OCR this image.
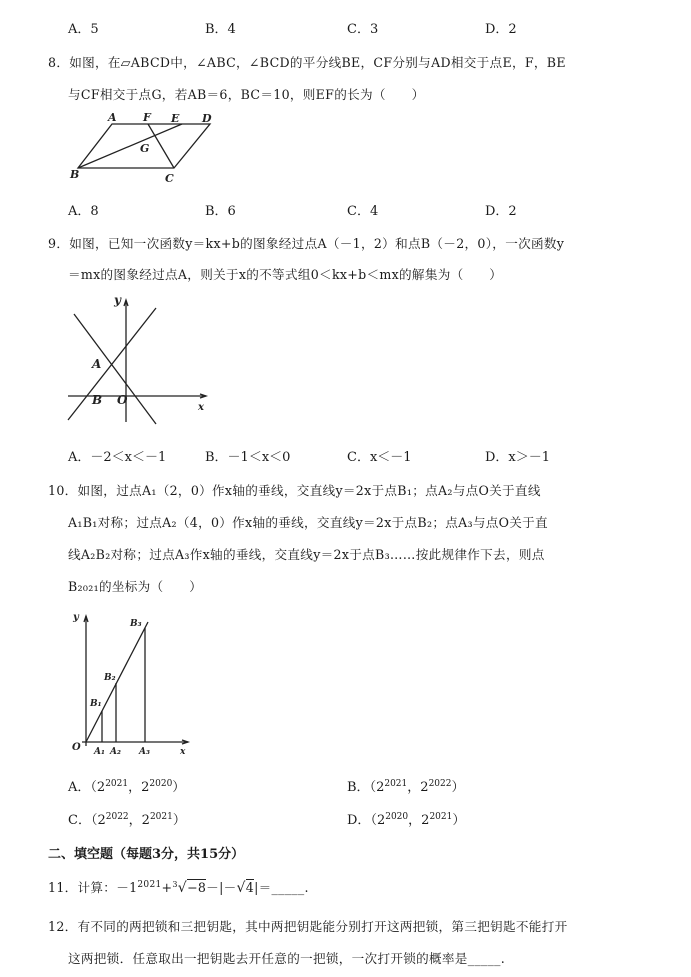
A．5	B．4	C．3	D．2
8．如图，在▱ABCD中，∠ABC，∠BCD的平分线BE，CF分别与AD相交于点E，F，BE
与CF相交于点G，若AB＝6，BC＝10，则EF的长为（　　）
A F E D
G
B	C
A．8	B．6	C．4	D．2
9．如图，已知一次函数y＝kx+b的图象经过点A（－1，2）和点B（－2，0），一次函数y
＝mx的图象经过点A，则关于x的不等式组0＜kx+b＜mx的解集为（　　）
y
x
A
B O
A．－2＜x＜－1	B．－1＜x＜0	C．x＜－1	D．x＞－1
10．如图，过点A₁（2，0）作x轴的垂线，交直线y＝2x于点B₁；点A₂与点O关于直线
A₁B₁对称；过点A₂（4，0）作x轴的垂线，交直线y＝2x于点B₂；点A₃与点O关于直
线A₂B₂对称；过点A₃作x轴的垂线，交直线y＝2x于点B₃……按此规律作下去，则点
B₂₀₂₁的坐标为（　　）
y
x
O A₁ A₂ A₃
B₁
B₂
B₃
A．（$2^{2021}$，$2^{2020}$）	B．（$2^{2021}$，$2^{2022}$）
C．（$2^{2022}$，$2^{2021}$）	D．（$2^{2020}$，$2^{2021}$）
二、填空题（每题3分，共15分）
11．计算：$-1^{2021}+^3√-8-|-√4|=\_\_\_\_\_$.
12．有不同的两把锁和三把钥匙，其中两把钥匙能分别打开这两把锁，第三把钥匙不能打开
这两把锁．任意取出一把钥匙去开任意的一把锁，一次打开锁的概率是_____.
